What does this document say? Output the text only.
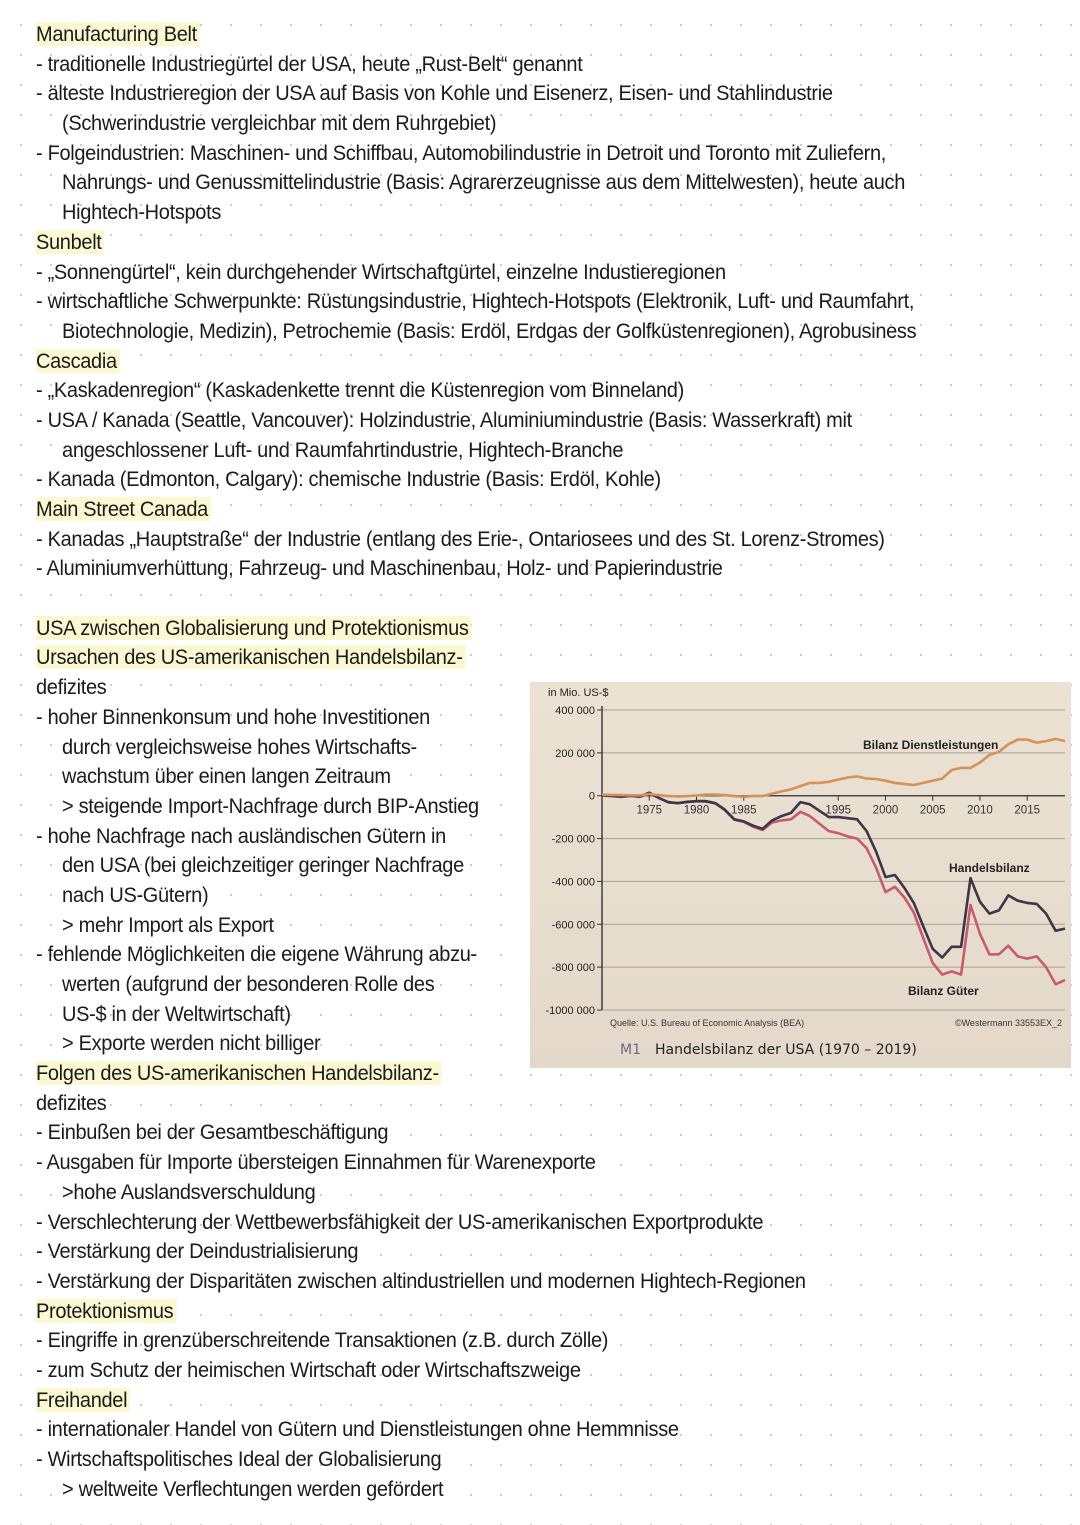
Manufacturing Belt
- traditionelle Industriegürtel der USA, heute „Rust-Belt“ genannt
- älteste Industrieregion der USA auf Basis von Kohle und Eisenerz, Eisen- und Stahlindustrie
(Schwerindustrie vergleichbar mit dem Ruhrgebiet)
- Folgeindustrien: Maschinen- und Schiffbau, Automobilindustrie in Detroit und Toronto mit Zuliefern,
Nahrungs- und Genussmittelindustrie (Basis: Agrarerzeugnisse aus dem Mittelwesten), heute auch
Hightech-Hotspots
Sunbelt
- „Sonnengürtel“, kein durchgehender Wirtschaftgürtel, einzelne Industieregionen
- wirtschaftliche Schwerpunkte: Rüstungsindustrie, Hightech-Hotspots (Elektronik, Luft- und Raumfahrt,
Biotechnologie, Medizin), Petrochemie (Basis: Erdöl, Erdgas der Golfküstenregionen), Agrobusiness
Cascadia
- „Kaskadenregion“ (Kaskadenkette trennt die Küstenregion vom Binneland)
- USA / Kanada (Seattle, Vancouver): Holzindustrie, Aluminiumindustrie (Basis: Wasserkraft) mit
angeschlossener Luft- und Raumfahrtindustrie, Hightech-Branche
- Kanada (Edmonton, Calgary): chemische Industrie (Basis: Erdöl, Kohle)
Main Street Canada
- Kanadas „Hauptstraße“ der Industrie (entlang des Erie-, Ontariosees und des St. Lorenz-Stromes)
- Aluminiumverhüttung, Fahrzeug- und Maschinenbau, Holz- und Papierindustrie
USA zwischen Globalisierung und Protektionismus
Ursachen des US-amerikanischen Handelsbilanz-
defizites
- hoher Binnenkonsum und hohe Investitionen
durch vergleichsweise hohes Wirtschafts-
wachstum über einen langen Zeitraum
> steigende Import-Nachfrage durch BIP-Anstieg
- hohe Nachfrage nach ausländischen Gütern in
den USA (bei gleichzeitiger geringer Nachfrage
nach US-Gütern)
> mehr Import als Export
- fehlende Möglichkeiten die eigene Währung abzu-
werten (aufgrund der besonderen Rolle des
US-$ in der Weltwirtschaft)
> Exporte werden nicht billiger
Folgen des US-amerikanischen Handelsbilanz-
defizites
- Einbußen bei der Gesamtbeschäftigung
- Ausgaben für Importe übersteigen Einnahmen für Warenexporte
>hohe Auslandsverschuldung
- Verschlechterung der Wettbewerbsfähigkeit der US-amerikanischen Exportprodukte
- Verstärkung der Deindustrialisierung
- Verstärkung der Disparitäten zwischen altindustriellen und modernen Hightech-Regionen
Protektionismus
- Eingriffe in grenzüberschreitende Transaktionen (z.B. durch Zölle)
- zum Schutz der heimischen Wirtschaft oder Wirtschaftszweige
Freihandel
- internationaler Handel von Gütern und Dienstleistungen ohne Hemmnisse
- Wirtschaftspolitisches Ideal der Globalisierung
> weltweite Verflechtungen werden gefördert
in Mio. US-$
400 000
200 000
0
-200 000
-400 000
-600 000
-800 000
-1000 000
1975 1980 1985	1995 2000 2005 2010 2015
Bilanz Dienstleistungen
Handelsbilanz
Bilanz Güter
Quelle: U.S. Bureau of Economic Analysis (BEA)	©Westermann 33553EX_2
M1 Handelsbilanz der USA (1970 – 2019)
